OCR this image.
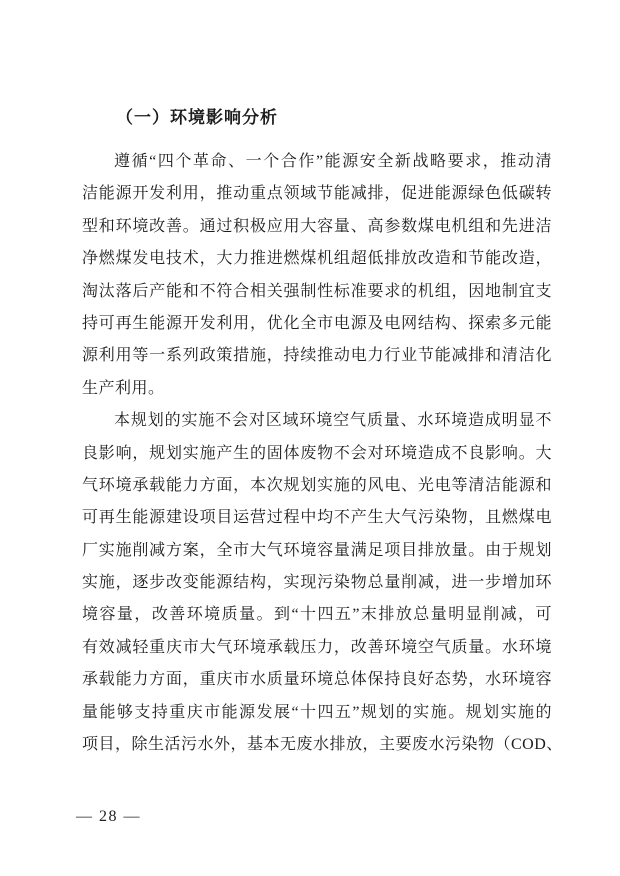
（一）环境影响分析
遵循“四个革命、一个合作”能源安全新战略要求，推动清
洁能源开发利用，推动重点领域节能减排，促进能源绿色低碳转
型和环境改善。通过积极应用大容量、高参数煤电机组和先进洁
净燃煤发电技术，大力推进燃煤机组超低排放改造和节能改造，
淘汰落后产能和不符合相关强制性标准要求的机组，因地制宜支
持可再生能源开发利用，优化全市电源及电网结构、探索多元能
源利用等一系列政策措施，持续推动电力行业节能减排和清洁化
生产利用。
本规划的实施不会对区域环境空气质量、水环境造成明显不
良影响，规划实施产生的固体废物不会对环境造成不良影响。大
气环境承载能力方面，本次规划实施的风电、光电等清洁能源和
可再生能源建设项目运营过程中均不产生大气污染物，且燃煤电
厂实施削减方案，全市大气环境容量满足项目排放量。由于规划
实施，逐步改变能源结构，实现污染物总量削减，进一步增加环
境容量，改善环境质量。到“十四五”末排放总量明显削减，可
有效减轻重庆市大气环境承载压力，改善环境空气质量。水环境
承载能力方面，重庆市水质量环境总体保持良好态势，水环境容
量能够支持重庆市能源发展“十四五”规划的实施。规划实施的
项目，除生活污水外，基本无废水排放，主要废水污染物（COD、
— 28 —
